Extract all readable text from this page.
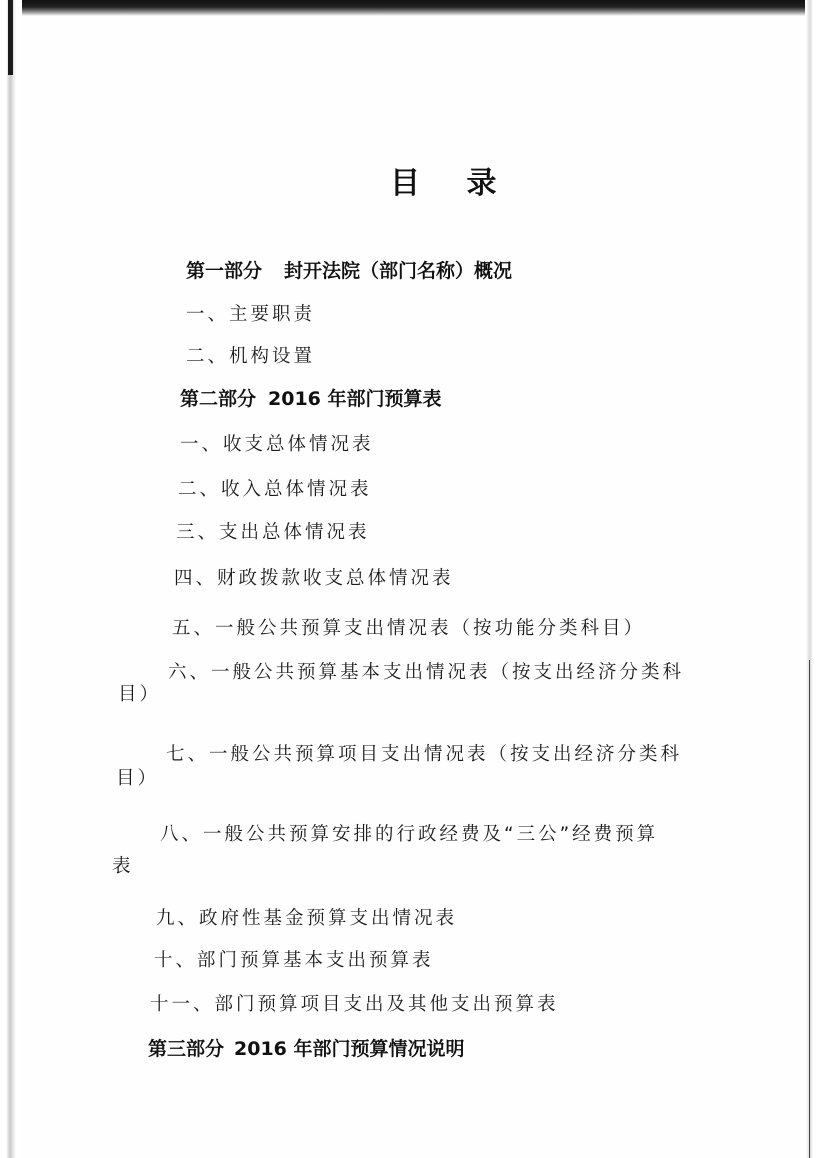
目 录
第一部分 封开法院（部门名称）概况
一、主要职责
二、机构设置
第二部分 2016 年部门预算表
一、收支总体情况表
二、收入总体情况表
三、支出总体情况表
四、财政拨款收支总体情况表
五、一般公共预算支出情况表（按功能分类科目）
六、一般公共预算基本支出情况表（按支出经济分类科
目）
七、一般公共预算项目支出情况表（按支出经济分类科
目）
八、一般公共预算安排的行政经费及“三公”经费预算
表
九、政府性基金预算支出情况表
十、部门预算基本支出预算表
十一、部门预算项目支出及其他支出预算表
第三部分 2016 年部门预算情况说明
